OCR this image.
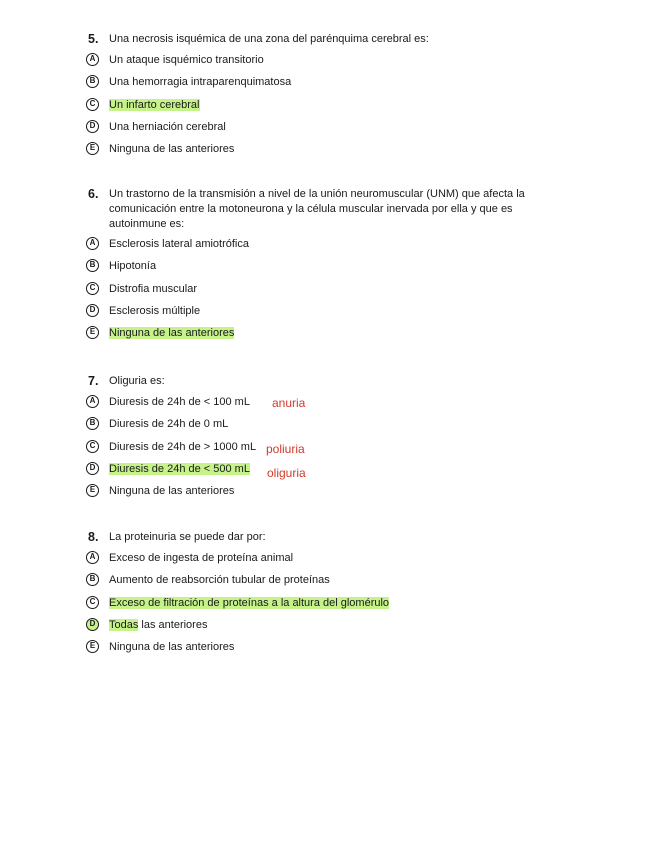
5. Una necrosis isquémica de una zona del parénquima cerebral es:
A	Un ataque isquémico transitorio
B	Una hemorragia intraparenquimatosa
C	Un infarto cerebral
D	Una herniación cerebral
E	Ninguna de las anteriores
6. Un trastorno de la transmisión a nivel de la unión neuromuscular (UNM) que afecta la comunicación entre la motoneurona y la célula muscular inervada por ella y que es autoinmune es:
A	Esclerosis lateral amiotrófica
B	Hipotonía
C	Distrofia muscular
D	Esclerosis múltiple
E	Ninguna de las anteriores
7. Oliguria es:
A	Diuresis de 24h de < 100 mL anuria
B	Diuresis de 24h de 0 mL
C	Diuresis de 24h de > 1000 mL poliuria
D	Diuresis de 24h de < 500 mL oliguria
E	Ninguna de las anteriores
8. La proteinuria se puede dar por:
A	Exceso de ingesta de proteína animal
B	Aumento de reabsorción tubular de proteínas
C	Exceso de filtración de proteínas a la altura del glomérulo
D	Todas las anteriores
E	Ninguna de las anteriores
